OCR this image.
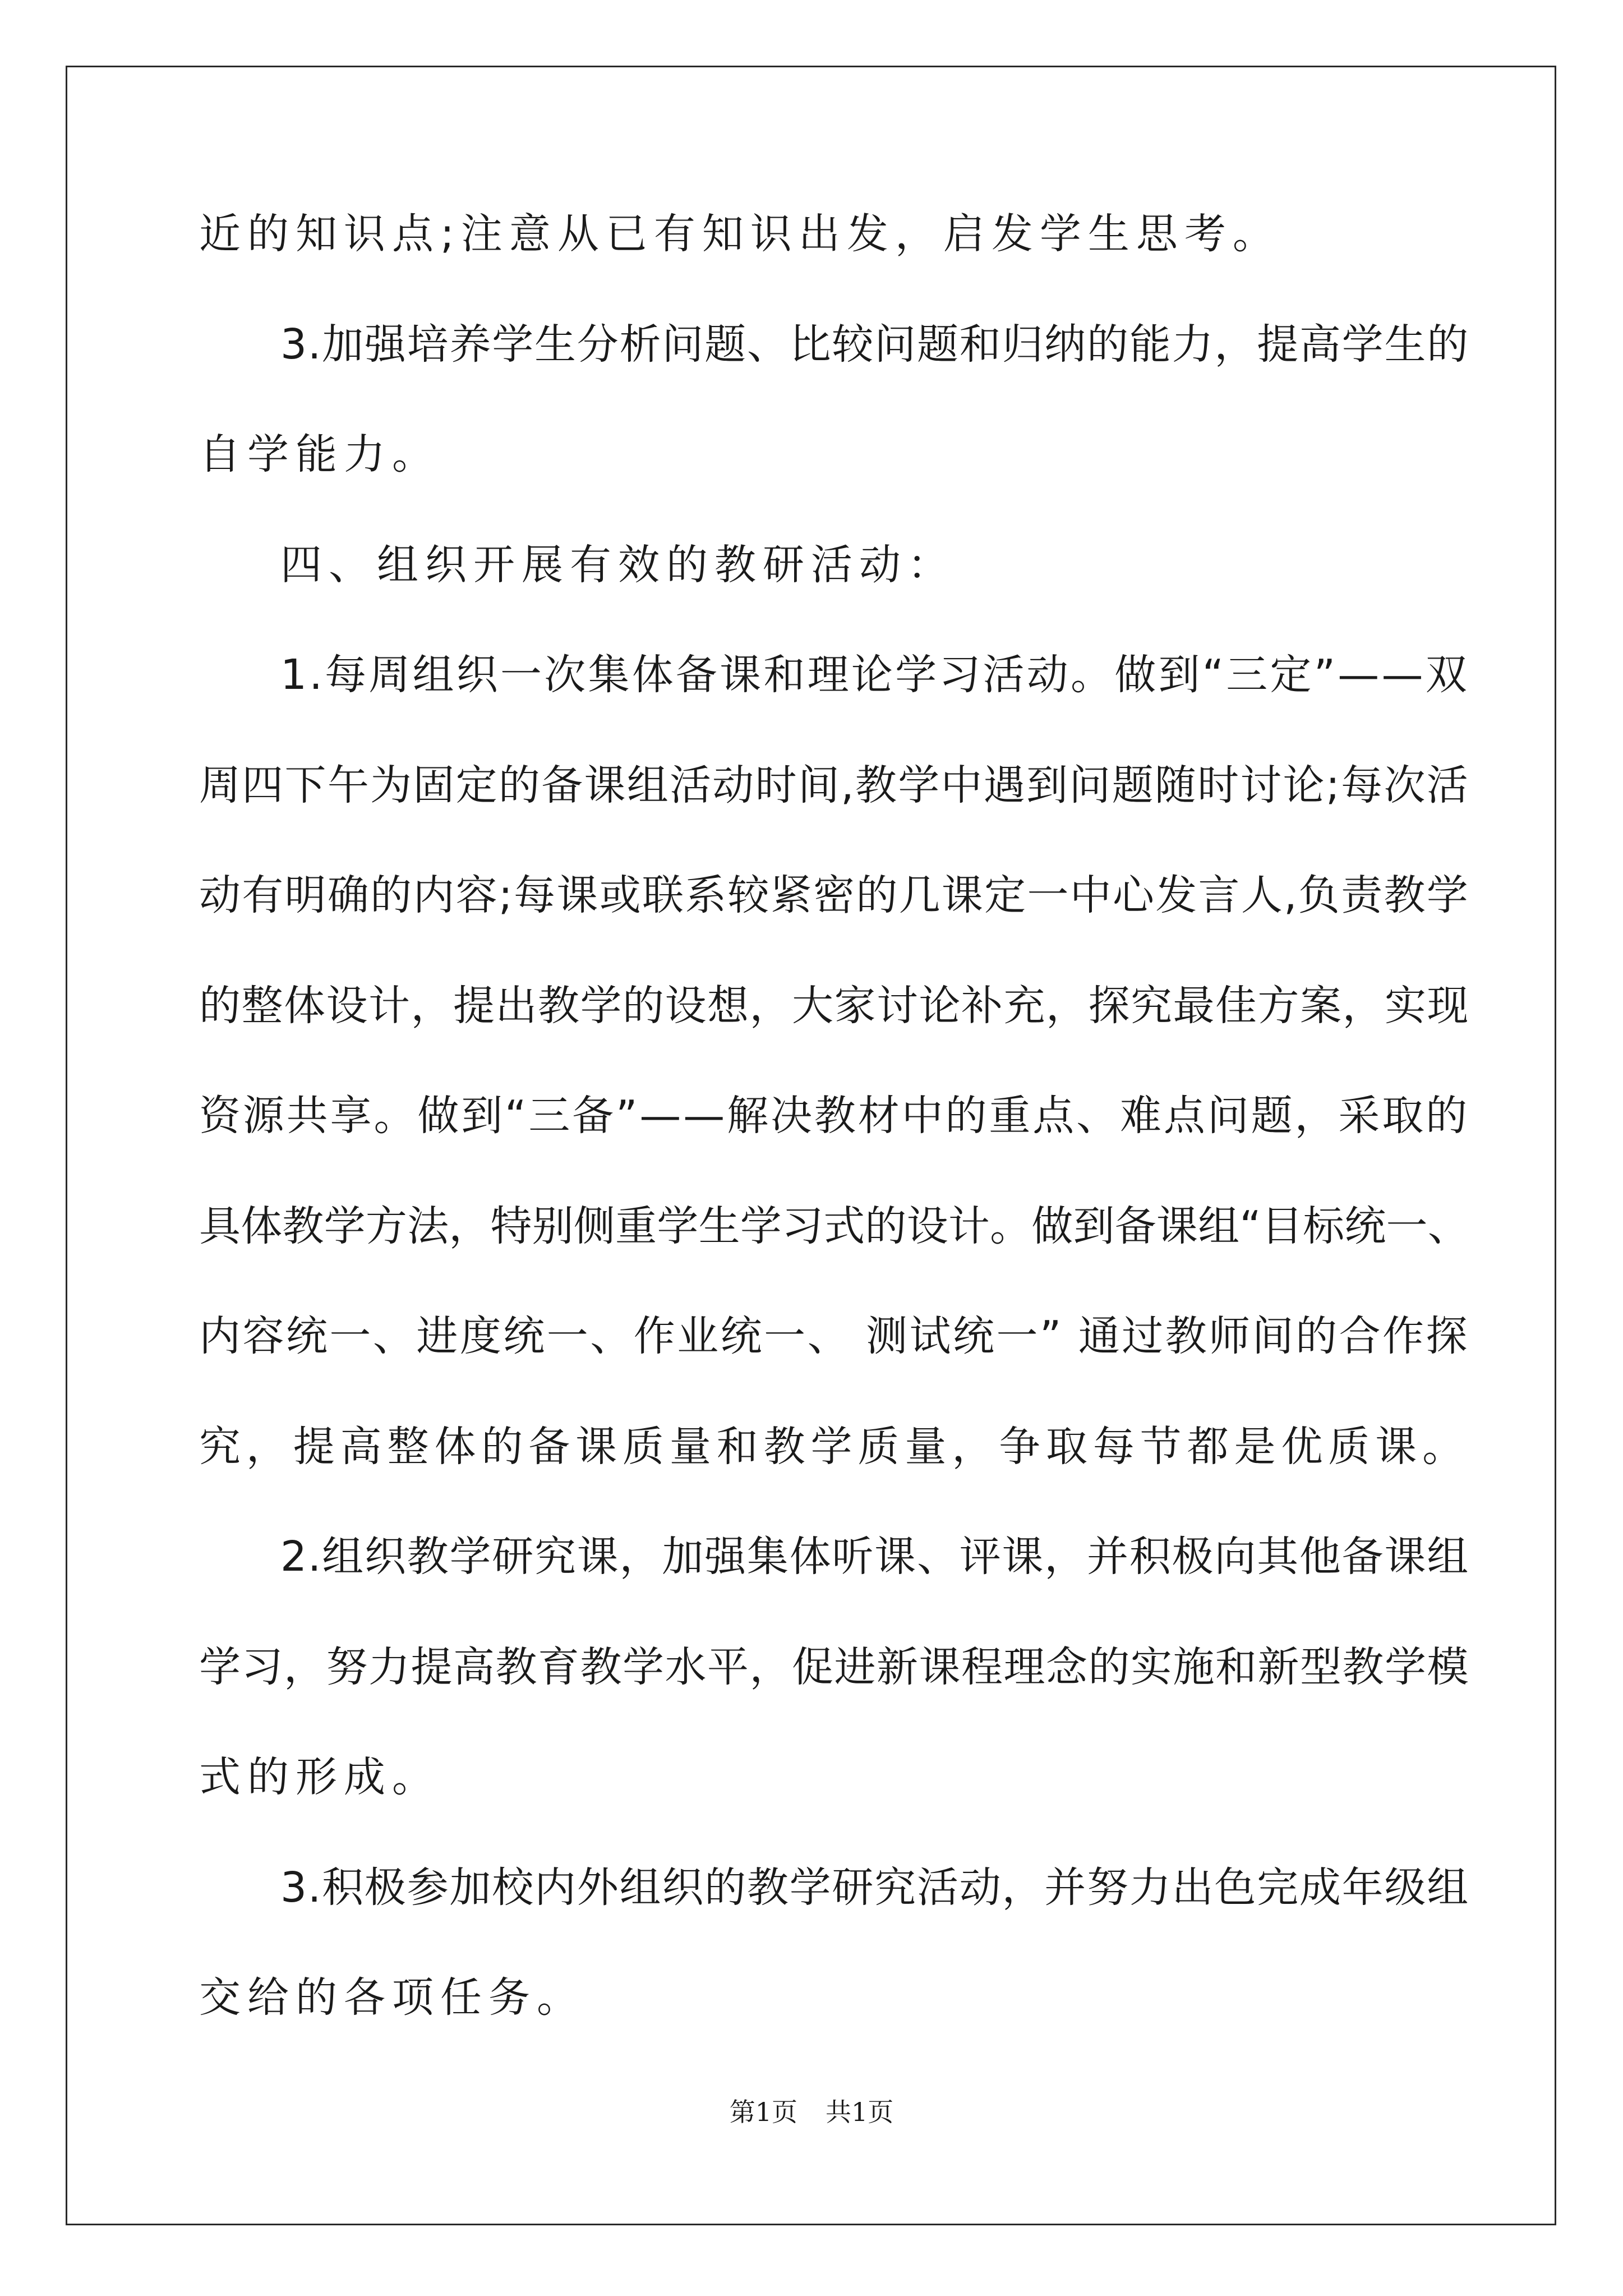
近的知识点;注意从已有知识出发，启发学生思考。
3.加强培养学生分析问题、比较问题和归纳的能力，提高学生的
自学能力。
四、组织开展有效的教研活动：
1.每周组织一次集体备课和理论学习活动。做到“三定”——双
周四下午为固定的备课组活动时间,教学中遇到问题随时讨论;每次活
动有明确的内容;每课或联系较紧密的几课定一中心发言人,负责教学
的整体设计，提出教学的设想，大家讨论补充，探究最佳方案，实现
资源共享。做到“三备”——解决教材中的重点、难点问题，采取的
具体教学方法，特别侧重学生学习式的设计。做到备课组“目标统一、
内容统一、进度统一、作业统一、 测试统一” 通过教师间的合作探
究，提高整体的备课质量和教学质量，争取每节都是优质课。
2.组织教学研究课，加强集体听课、评课，并积极向其他备课组
学习，努力提高教育教学水平，促进新课程理念的实施和新型教学模
式的形成。
3.积极参加校内外组织的教学研究活动，并努力出色完成年级组
交给的各项任务。
第1页 共1页
